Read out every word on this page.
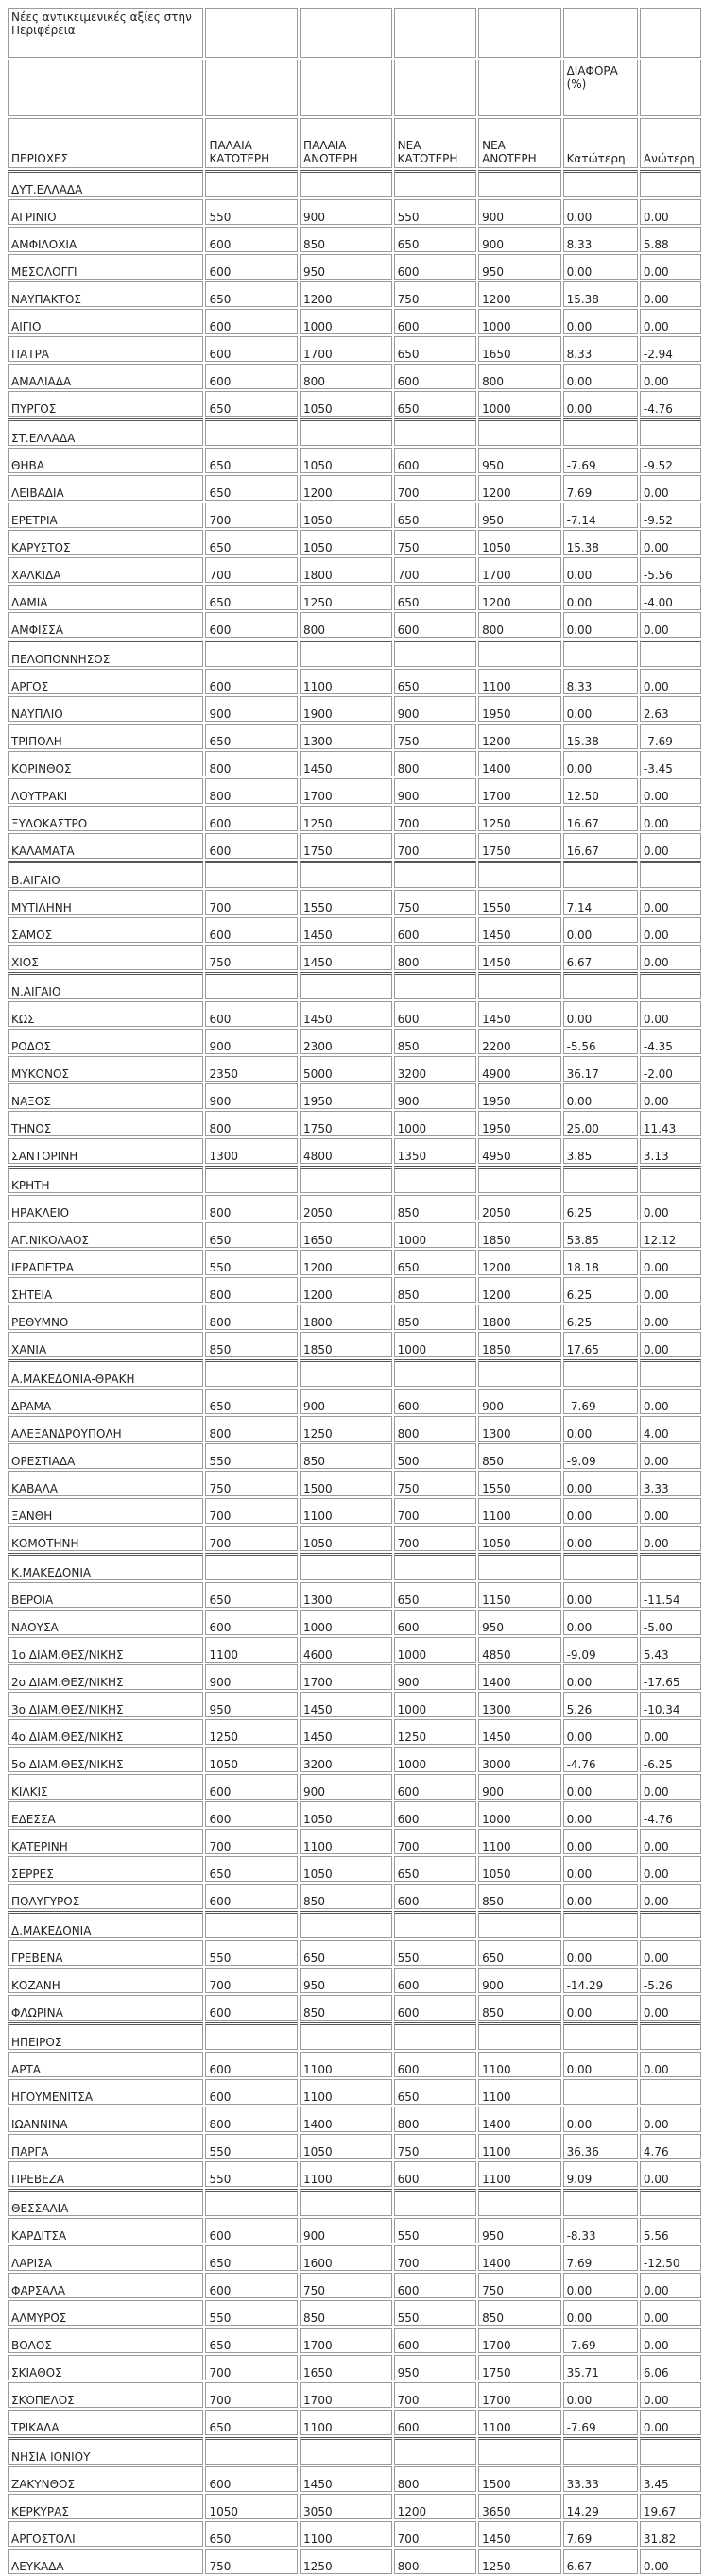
Νέες αντικειμενικές αξίες στην Περιφέρεια						
					ΔΙΑΦΟΡΑ (%)	
ΠΕΡΙΟΧΕΣ	ΠΑΛΑΙΑ ΚΑΤΩΤΕΡΗ	ΠΑΛΑΙΑ ΑΝΩΤΕΡΗ	ΝΕΑ ΚΑΤΩΤΕΡΗ	ΝΕΑ ΑΝΩΤΕΡΗ	Κατώτερη	Ανώτερη
ΔΥΤ.ΕΛΛΑΔΑ						
ΑΓΡΙΝΙΟ	550	900	550	900	0.00	0.00
ΑΜΦΙΛΟΧΙΑ	600	850	650	900	8.33	5.88
ΜΕΣΟΛΟΓΓΙ	600	950	600	950	0.00	0.00
ΝΑΥΠΑΚΤΟΣ	650	1200	750	1200	15.38	0.00
ΑΙΓΙΟ	600	1000	600	1000	0.00	0.00
ΠΑΤΡΑ	600	1700	650	1650	8.33	-2.94
ΑΜΑΛΙΑΔΑ	600	800	600	800	0.00	0.00
ΠΥΡΓΟΣ	650	1050	650	1000	0.00	-4.76
ΣΤ.ΕΛΛΑΔΑ						
ΘΗΒΑ	650	1050	600	950	-7.69	-9.52
ΛΕΙΒΑΔΙΑ	650	1200	700	1200	7.69	0.00
ΕΡΕΤΡΙΑ	700	1050	650	950	-7.14	-9.52
ΚΑΡΥΣΤΟΣ	650	1050	750	1050	15.38	0.00
ΧΑΛΚΙΔΑ	700	1800	700	1700	0.00	-5.56
ΛΑΜΙΑ	650	1250	650	1200	0.00	-4.00
ΑΜΦΙΣΣΑ	600	800	600	800	0.00	0.00
ΠΕΛΟΠΟΝΝΗΣΟΣ						
ΑΡΓΟΣ	600	1100	650	1100	8.33	0.00
ΝΑΥΠΛΙΟ	900	1900	900	1950	0.00	2.63
ΤΡΙΠΟΛΗ	650	1300	750	1200	15.38	-7.69
ΚΟΡΙΝΘΟΣ	800	1450	800	1400	0.00	-3.45
ΛΟΥΤΡΑΚΙ	800	1700	900	1700	12.50	0.00
ΞΥΛΟΚΑΣΤΡΟ	600	1250	700	1250	16.67	0.00
ΚΑΛΑΜΑΤΑ	600	1750	700	1750	16.67	0.00
Β.ΑΙΓΑΙΟ						
ΜΥΤΙΛΗΝΗ	700	1550	750	1550	7.14	0.00
ΣΑΜΟΣ	600	1450	600	1450	0.00	0.00
ΧΙΟΣ	750	1450	800	1450	6.67	0.00
Ν.ΑΙΓΑΙΟ						
ΚΩΣ	600	1450	600	1450	0.00	0.00
ΡΟΔΟΣ	900	2300	850	2200	-5.56	-4.35
ΜΥΚΟΝΟΣ	2350	5000	3200	4900	36.17	-2.00
ΝΑΞΟΣ	900	1950	900	1950	0.00	0.00
ΤΗΝΟΣ	800	1750	1000	1950	25.00	11.43
ΣΑΝΤΟΡΙΝΗ	1300	4800	1350	4950	3.85	3.13
ΚΡΗΤΗ						
ΗΡΑΚΛΕΙΟ	800	2050	850	2050	6.25	0.00
ΑΓ.ΝΙΚΟΛΑΟΣ	650	1650	1000	1850	53.85	12.12
ΙΕΡΑΠΕΤΡΑ	550	1200	650	1200	18.18	0.00
ΣΗΤΕΙΑ	800	1200	850	1200	6.25	0.00
ΡΕΘΥΜΝΟ	800	1800	850	1800	6.25	0.00
ΧΑΝΙΑ	850	1850	1000	1850	17.65	0.00
Α.ΜΑΚΕΔΟΝΙΑ-ΘΡΑΚΗ						
ΔΡΑΜΑ	650	900	600	900	-7.69	0.00
ΑΛΕΞΑΝΔΡΟΥΠΟΛΗ	800	1250	800	1300	0.00	4.00
ΟΡΕΣΤΙΑΔΑ	550	850	500	850	-9.09	0.00
ΚΑΒΑΛΑ	750	1500	750	1550	0.00	3.33
ΞΑΝΘΗ	700	1100	700	1100	0.00	0.00
ΚΟΜΟΤΗΝΗ	700	1050	700	1050	0.00	0.00
Κ.ΜΑΚΕΔΟΝΙΑ						
ΒΕΡΟΙΑ	650	1300	650	1150	0.00	-11.54
ΝΑΟΥΣΑ	600	1000	600	950	0.00	-5.00
1ο ΔΙΑΜ.ΘΕΣ/ΝΙΚΗΣ	1100	4600	1000	4850	-9.09	5.43
2ο ΔΙΑΜ.ΘΕΣ/ΝΙΚΗΣ	900	1700	900	1400	0.00	-17.65
3ο ΔΙΑΜ.ΘΕΣ/ΝΙΚΗΣ	950	1450	1000	1300	5.26	-10.34
4ο ΔΙΑΜ.ΘΕΣ/ΝΙΚΗΣ	1250	1450	1250	1450	0.00	0.00
5ο ΔΙΑΜ.ΘΕΣ/ΝΙΚΗΣ	1050	3200	1000	3000	-4.76	-6.25
ΚΙΛΚΙΣ	600	900	600	900	0.00	0.00
ΕΔΕΣΣΑ	600	1050	600	1000	0.00	-4.76
ΚΑΤΕΡΙΝΗ	700	1100	700	1100	0.00	0.00
ΣΕΡΡΕΣ	650	1050	650	1050	0.00	0.00
ΠΟΛΥΓΥΡΟΣ	600	850	600	850	0.00	0.00
Δ.ΜΑΚΕΔΟΝΙΑ						
ΓΡΕΒΕΝΑ	550	650	550	650	0.00	0.00
ΚΟΖΑΝΗ	700	950	600	900	-14.29	-5.26
ΦΛΩΡΙΝΑ	600	850	600	850	0.00	0.00
ΗΠΕΙΡΟΣ						
ΑΡΤΑ	600	1100	600	1100	0.00	0.00
ΗΓΟΥΜΕΝΙΤΣΑ	600	1100	650	1100		
ΙΩΑΝΝΙΝΑ	800	1400	800	1400	0.00	0.00
ΠΑΡΓΑ	550	1050	750	1100	36.36	4.76
ΠΡΕΒΕΖΑ	550	1100	600	1100	9.09	0.00
ΘΕΣΣΑΛΙΑ						
ΚΑΡΔΙΤΣΑ	600	900	550	950	-8.33	5.56
ΛΑΡΙΣΑ	650	1600	700	1400	7.69	-12.50
ΦΑΡΣΑΛΑ	600	750	600	750	0.00	0.00
ΑΛΜΥΡΟΣ	550	850	550	850	0.00	0.00
ΒΟΛΟΣ	650	1700	600	1700	-7.69	0.00
ΣΚΙΑΘΟΣ	700	1650	950	1750	35.71	6.06
ΣΚΟΠΕΛΟΣ	700	1700	700	1700	0.00	0.00
ΤΡΙΚΑΛΑ	650	1100	600	1100	-7.69	0.00
ΝΗΣΙΑ ΙΟΝΙΟΥ						
ΖΑΚΥΝΘΟΣ	600	1450	800	1500	33.33	3.45
ΚΕΡΚΥΡΑΣ	1050	3050	1200	3650	14.29	19.67
ΑΡΓΟΣΤΟΛΙ	650	1100	700	1450	7.69	31.82
ΛΕΥΚΑΔΑ	750	1250	800	1250	6.67	0.00
